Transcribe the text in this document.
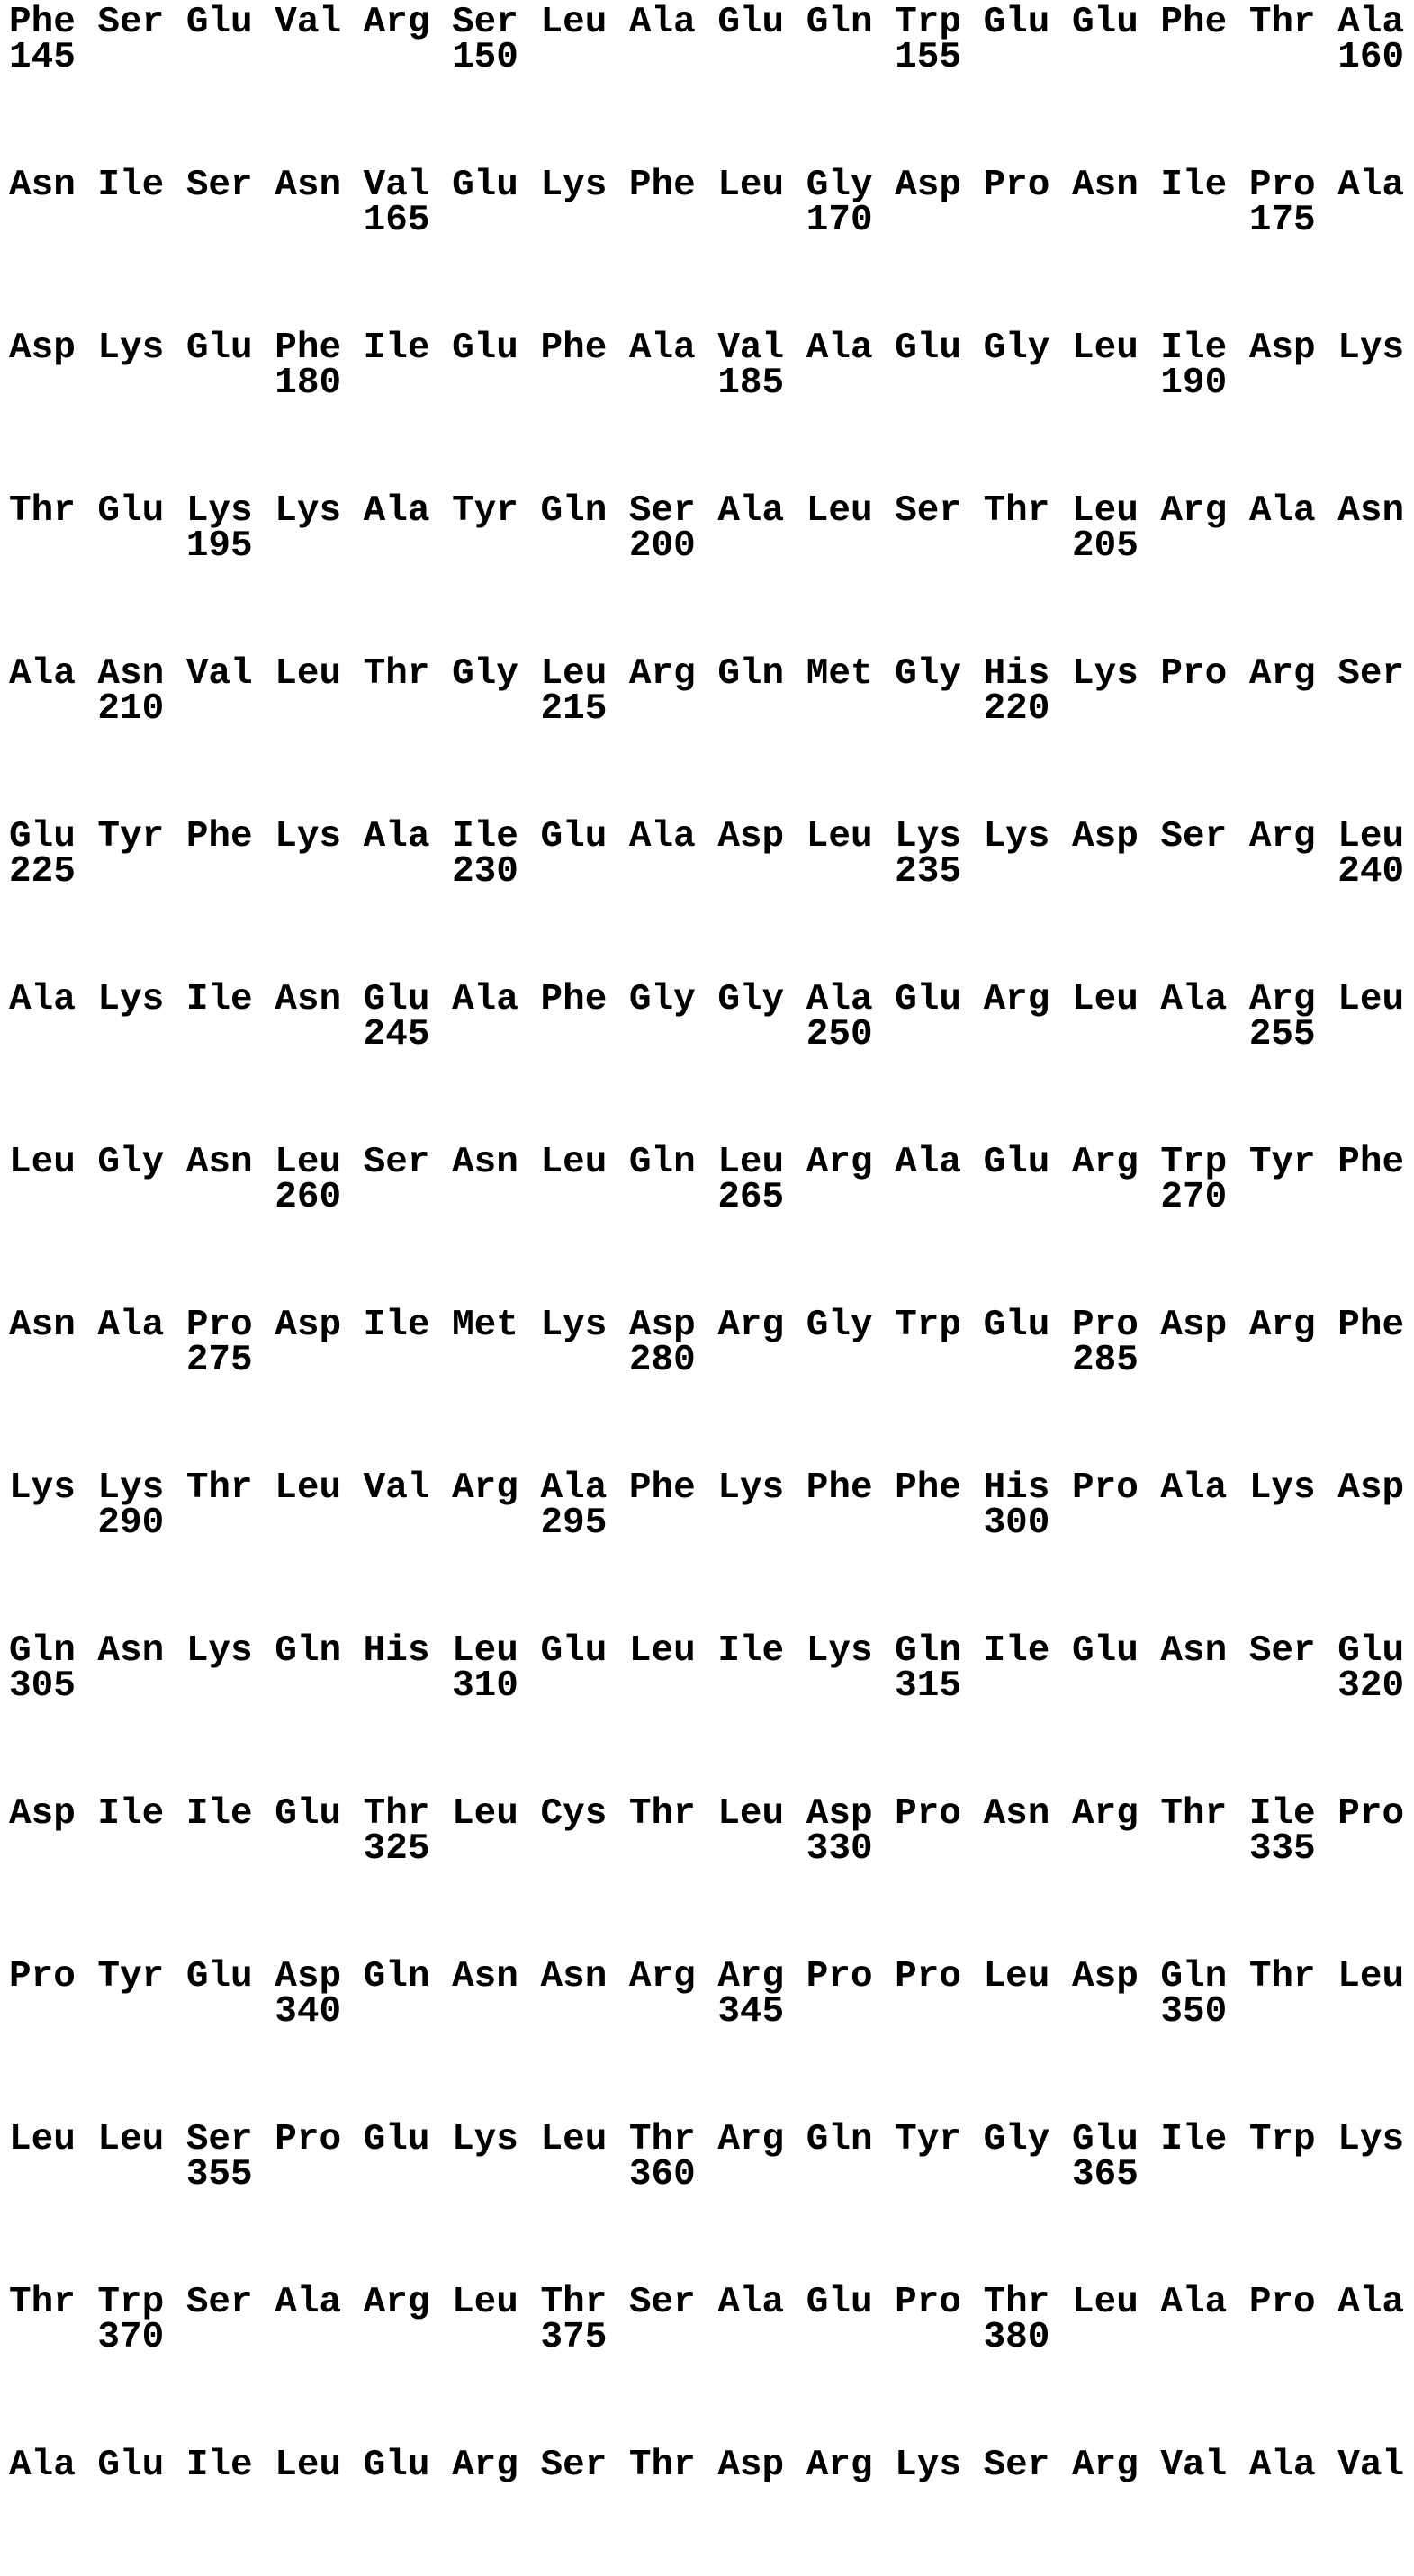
Phe Ser Glu Val Arg Ser Leu Ala Glu Gln Trp Glu Glu Phe Thr Ala
145                 150                 155                 160
Asn Ile Ser Asn Val Glu Lys Phe Leu Gly Asp Pro Asn Ile Pro Ala
165                 170                 175
Asp Lys Glu Phe Ile Glu Phe Ala Val Ala Glu Gly Leu Ile Asp Lys
180                 185                 190
Thr Glu Lys Lys Ala Tyr Gln Ser Ala Leu Ser Thr Leu Arg Ala Asn
195                 200                 205
Ala Asn Val Leu Thr Gly Leu Arg Gln Met Gly His Lys Pro Arg Ser
210                 215                 220
Glu Tyr Phe Lys Ala Ile Glu Ala Asp Leu Lys Lys Asp Ser Arg Leu
225                 230                 235                 240
Ala Lys Ile Asn Glu Ala Phe Gly Gly Ala Glu Arg Leu Ala Arg Leu
245                 250                 255
Leu Gly Asn Leu Ser Asn Leu Gln Leu Arg Ala Glu Arg Trp Tyr Phe
260                 265                 270
Asn Ala Pro Asp Ile Met Lys Asp Arg Gly Trp Glu Pro Asp Arg Phe
275                 280                 285
Lys Lys Thr Leu Val Arg Ala Phe Lys Phe Phe His Pro Ala Lys Asp
290                 295                 300
Gln Asn Lys Gln His Leu Glu Leu Ile Lys Gln Ile Glu Asn Ser Glu
305                 310                 315                 320
Asp Ile Ile Glu Thr Leu Cys Thr Leu Asp Pro Asn Arg Thr Ile Pro
325                 330                 335
Pro Tyr Glu Asp Gln Asn Asn Arg Arg Pro Pro Leu Asp Gln Thr Leu
340                 345                 350
Leu Leu Ser Pro Glu Lys Leu Thr Arg Gln Tyr Gly Glu Ile Trp Lys
355                 360                 365
Thr Trp Ser Ala Arg Leu Thr Ser Ala Glu Pro Thr Leu Ala Pro Ala
370                 375                 380
Ala Glu Ile Leu Glu Arg Ser Thr Asp Arg Lys Ser Arg Val Ala Val
